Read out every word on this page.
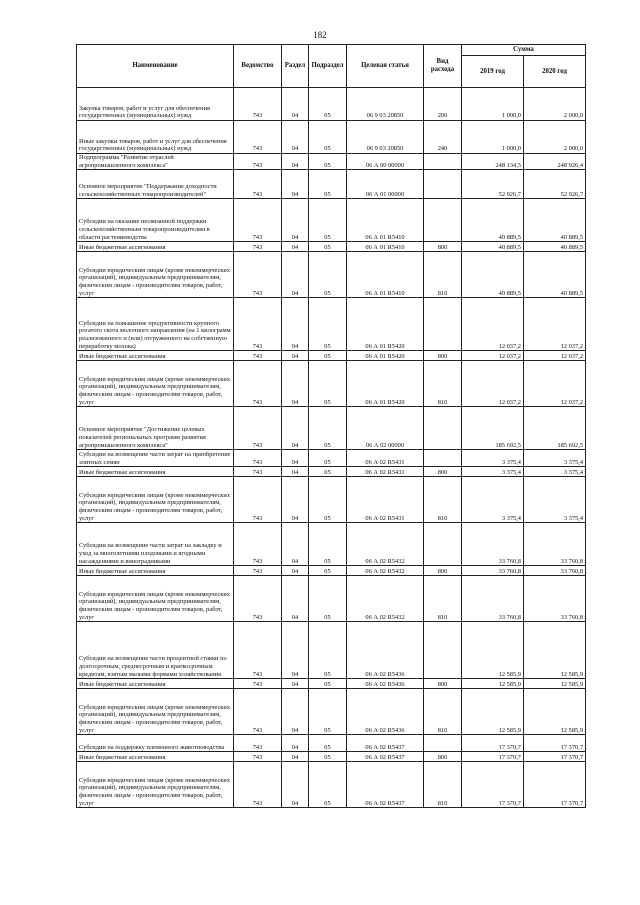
182
Наименование	Ведомство	Раздел	Подраздел	Целевая статья	Вид расхода	Сумма	
						2019 год	2020 год
Закупка товаров, работ и услуг для обеспечения государственных (муниципальных) нужд	743	04	05	06 9 03 20850	200	1 000,0	2 000,0
Иные закупки товаров, работ и услуг для обеспечения государственных (муниципальных) нужд	743	04	05	06 9 03 20850	240	1 000,0	2 000,0
Подпрограмма "Развитие отраслей агропромышленного комплекса"	743	04	05	06 А 00 00000		248 134,5	248 926,4
Основное мероприятие "Поддержание доходности сельскохозяйственных товаропроизводителей"	743	04	05	06 А 01 00000		52 926,7	52 926,7
Субсидии на оказание несвязанной поддержки сельскохозяйственным товаропроизводителям в области растениеводства	743	04	05	06 А 01 R5410		40 889,5	40 889,5
Иные бюджетные ассигнования	743	04	05	06 А 01 R5410	800	40 889,5	40 889,5
Субсидии юридическим лицам (кроме некоммерческих организаций), индивидуальным предпринимателям, физическим лицам - производителям товаров, работ, услуг	743	04	05	06 А 01 R5410	810	40 889,5	40 889,5
Субсидии на повышение продуктивности крупного рогатого скота молочного направления (на 1 килограмм реализованного и (или) отгруженного на собственную переработку молока)	743	04	05	06 А 01 R5420		12 037,2	12 037,2
Иные бюджетные ассигнования	743	04	05	06 А 01 R5420	800	12 037,2	12 037,2
Субсидии юридическим лицам (кроме некоммерческих организаций), индивидуальным предпринимателям, физическим лицам - производителям товаров, работ, услуг	743	04	05	06 А 01 R5420	810	12 037,2	12 037,2
Основное мероприятие "Достижение целевых показателей региональных программ развития агропромышленного комплекса"	743	04	05	06 А 02 00000		185 692,5	185 692,5
Субсидии на возмещение части затрат на приобретение элитных семян	743	04	05	06 А 02 R5431		3 375,4	3 375,4
Иные бюджетные ассигнования	743	04	05	06 А 02 R5431	800	3 375,4	3 375,4
Субсидии юридическим лицам (кроме некоммерческих организаций), индивидуальным предпринимателям, физическим лицам - производителям товаров, работ, услуг	743	04	05	06 А 02 R5431	810	3 375,4	3 375,4
Субсидии на возмещение части затрат на закладку и уход за многолетними плодовыми и ягодными насаждениями и виноградниками	743	04	05	06 А 02 R5432		33 760,8	33 760,8
Иные бюджетные ассигнования	743	04	05	06 А 02 R5432	800	33 760,8	33 760,8
Субсидии юридическим лицам (кроме некоммерческих организаций), индивидуальным предпринимателям, физическим лицам - производителям товаров, работ, услуг	743	04	05	06 А 02 R5432	810	33 760,8	33 760,8
Субсидии на возмещение части процентной ставки по долгосрочным, среднесрочным и краткосрочным кредитам, взятым малыми формами хозяйствования	743	04	05	06 А 02 R5436		12 585,9	12 585,9
Иные бюджетные ассигнования	743	04	05	06 А 02 R5436	800	12 585,9	12 585,9
Субсидии юридическим лицам (кроме некоммерческих организаций), индивидуальным предпринимателям, физическим лицам - производителям товаров, работ, услуг	743	04	05	06 А 02 R5436	810	12 585,9	12 585,9
Субсидии на поддержку племенного животноводства	743	04	05	06 А 02 R5437		17 370,7	17 370,7
Иные бюджетные ассигнования	743	04	05	06 А 02 R5437	800	17 370,7	17 370,7
Субсидии юридическим лицам (кроме некоммерческих организаций), индивидуальным предпринимателям, физическим лицам - производителям товаров, работ, услуг	743	04	05	06 А 02 R5437	810	17 370,7	17 370,7
